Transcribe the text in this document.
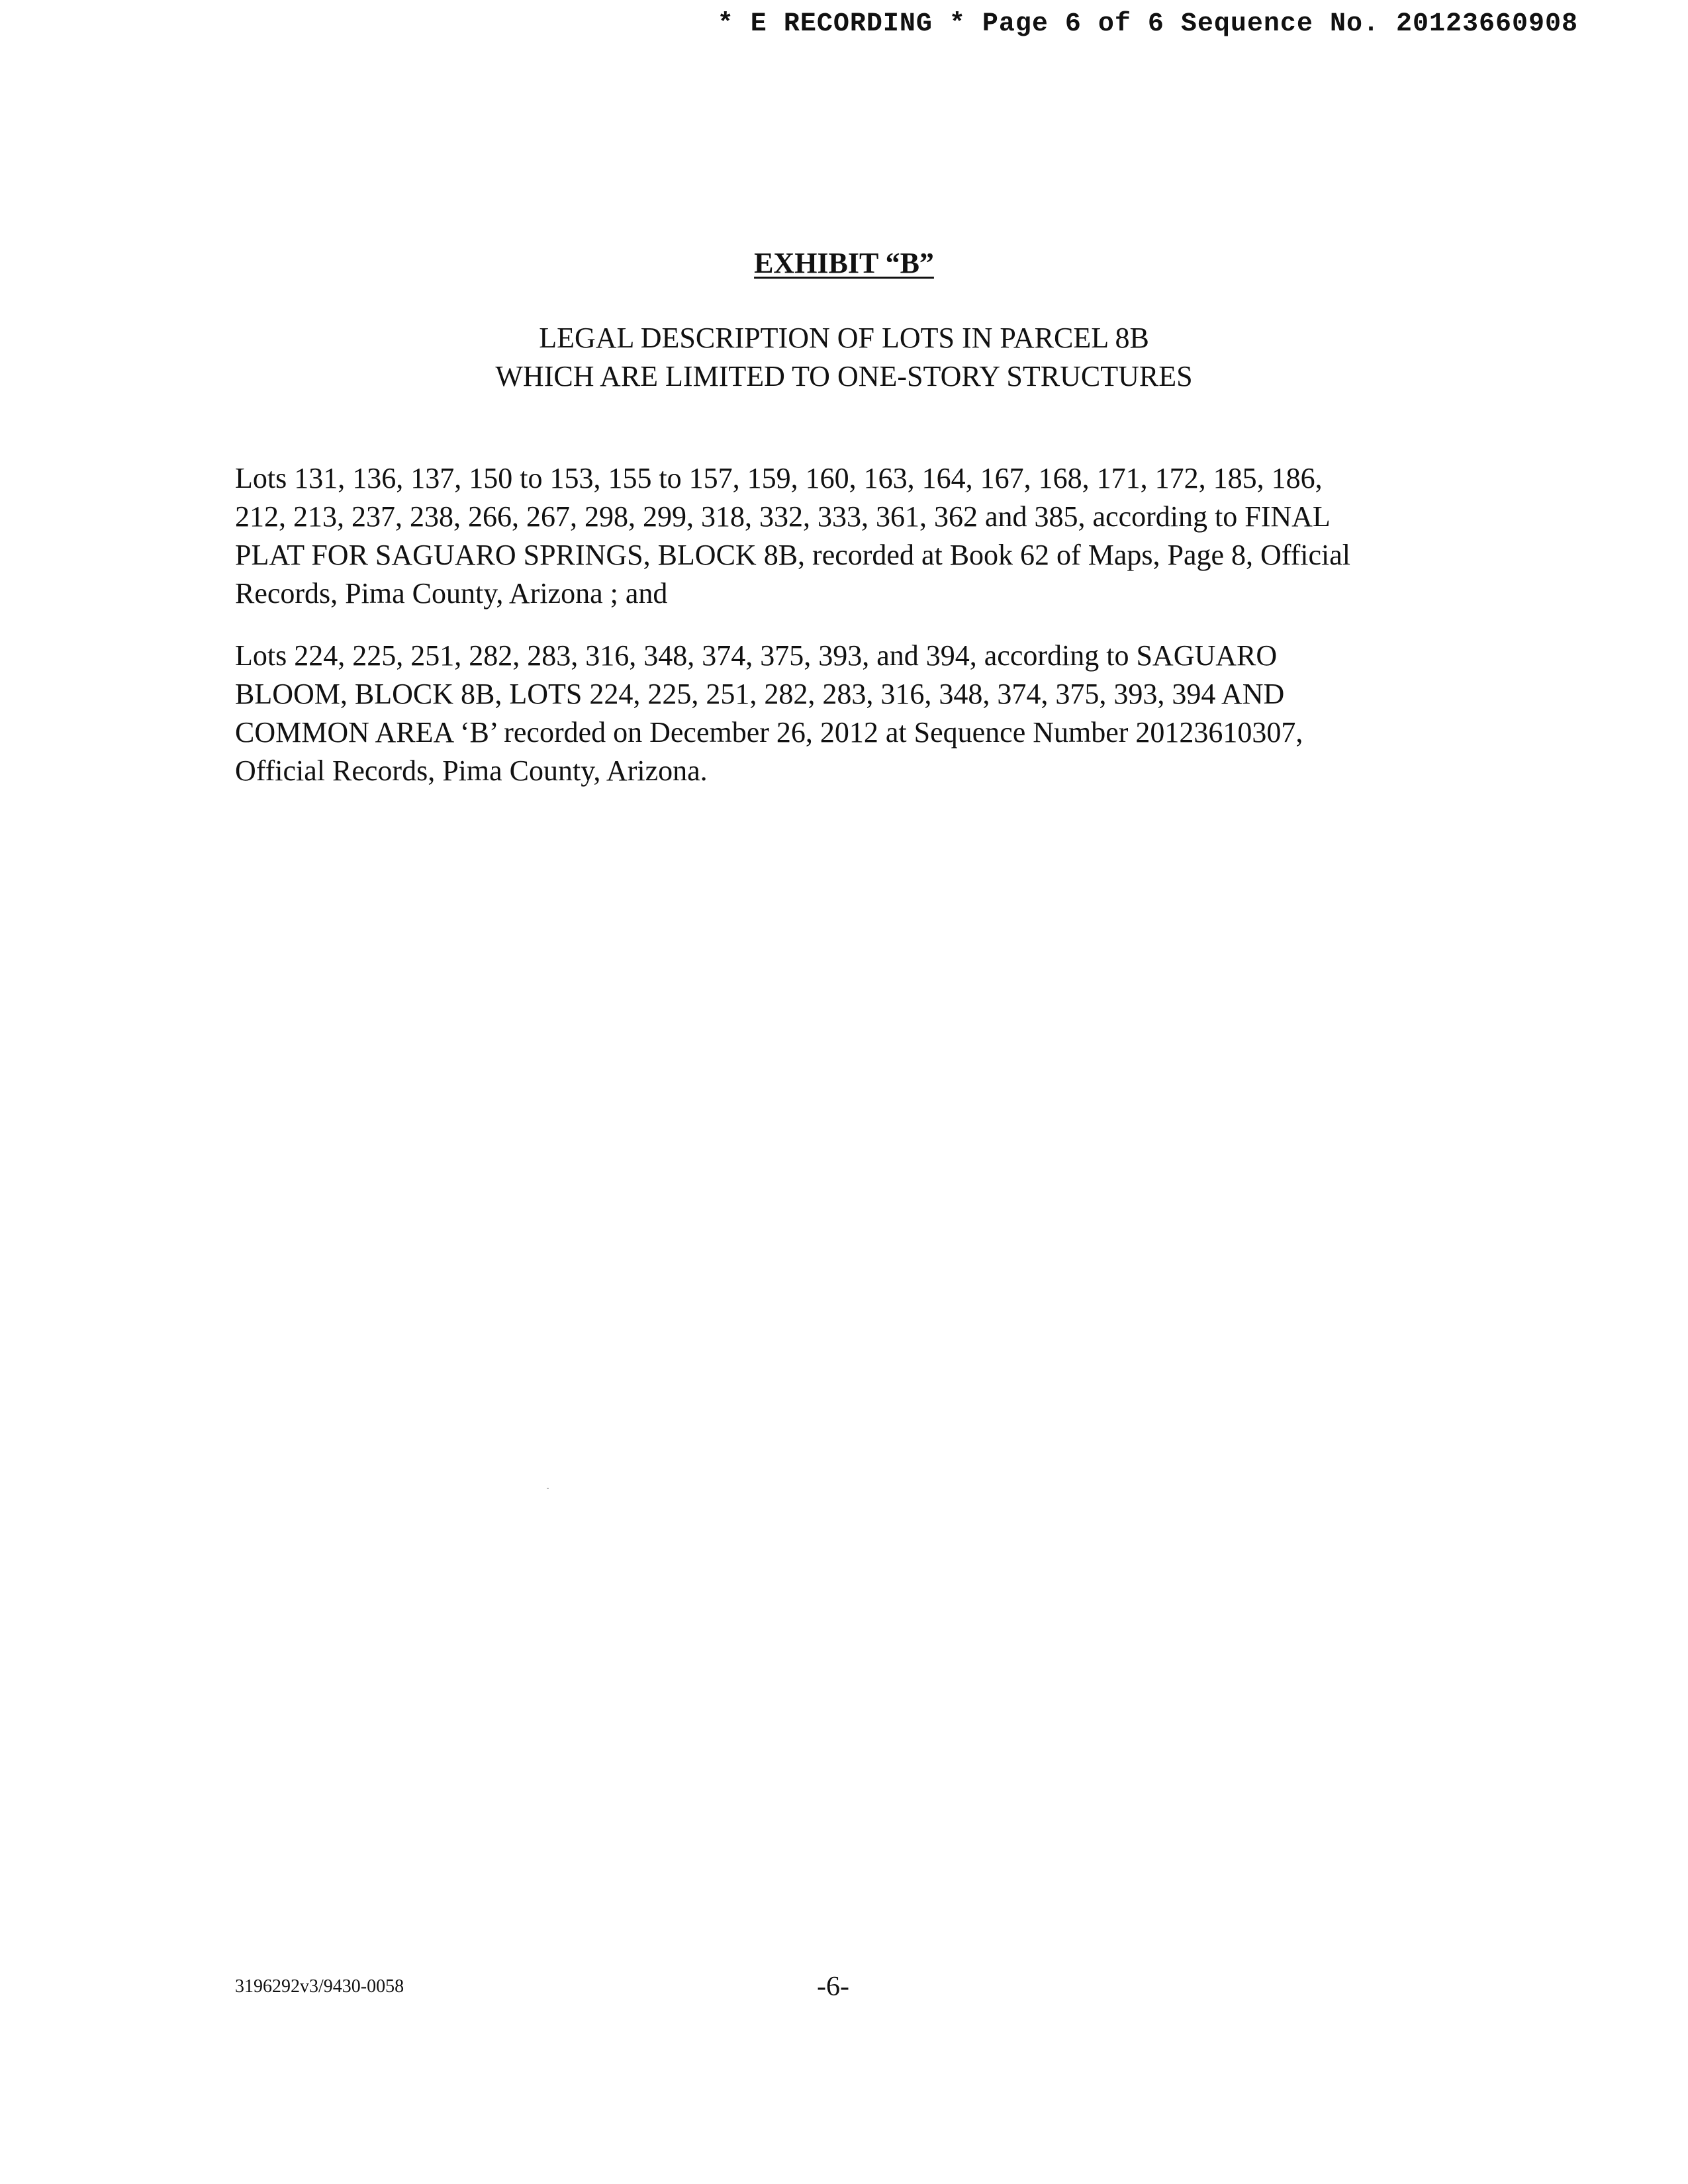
* E RECORDING * Page 6 of 6 Sequence No. 20123660908
EXHIBIT “B”
LEGAL DESCRIPTION OF LOTS IN PARCEL 8B
WHICH ARE LIMITED TO ONE-STORY STRUCTURES
Lots 131, 136, 137, 150 to 153, 155 to 157, 159, 160, 163, 164, 167, 168, 171, 172, 185, 186,
212, 213, 237, 238, 266, 267, 298, 299, 318, 332, 333, 361, 362 and 385, according to FINAL
PLAT FOR SAGUARO SPRINGS, BLOCK 8B, recorded at Book 62 of Maps, Page 8, Official
Records, Pima County, Arizona ; and
Lots 224, 225, 251, 282, 283, 316, 348, 374, 375, 393, and 394, according to SAGUARO
BLOOM, BLOCK 8B, LOTS 224, 225, 251, 282, 283, 316, 348, 374, 375, 393, 394 AND
COMMON AREA ‘B’ recorded on December 26, 2012 at Sequence Number 20123610307,
Official Records, Pima County, Arizona.
3196292v3/9430-0058	-6-
